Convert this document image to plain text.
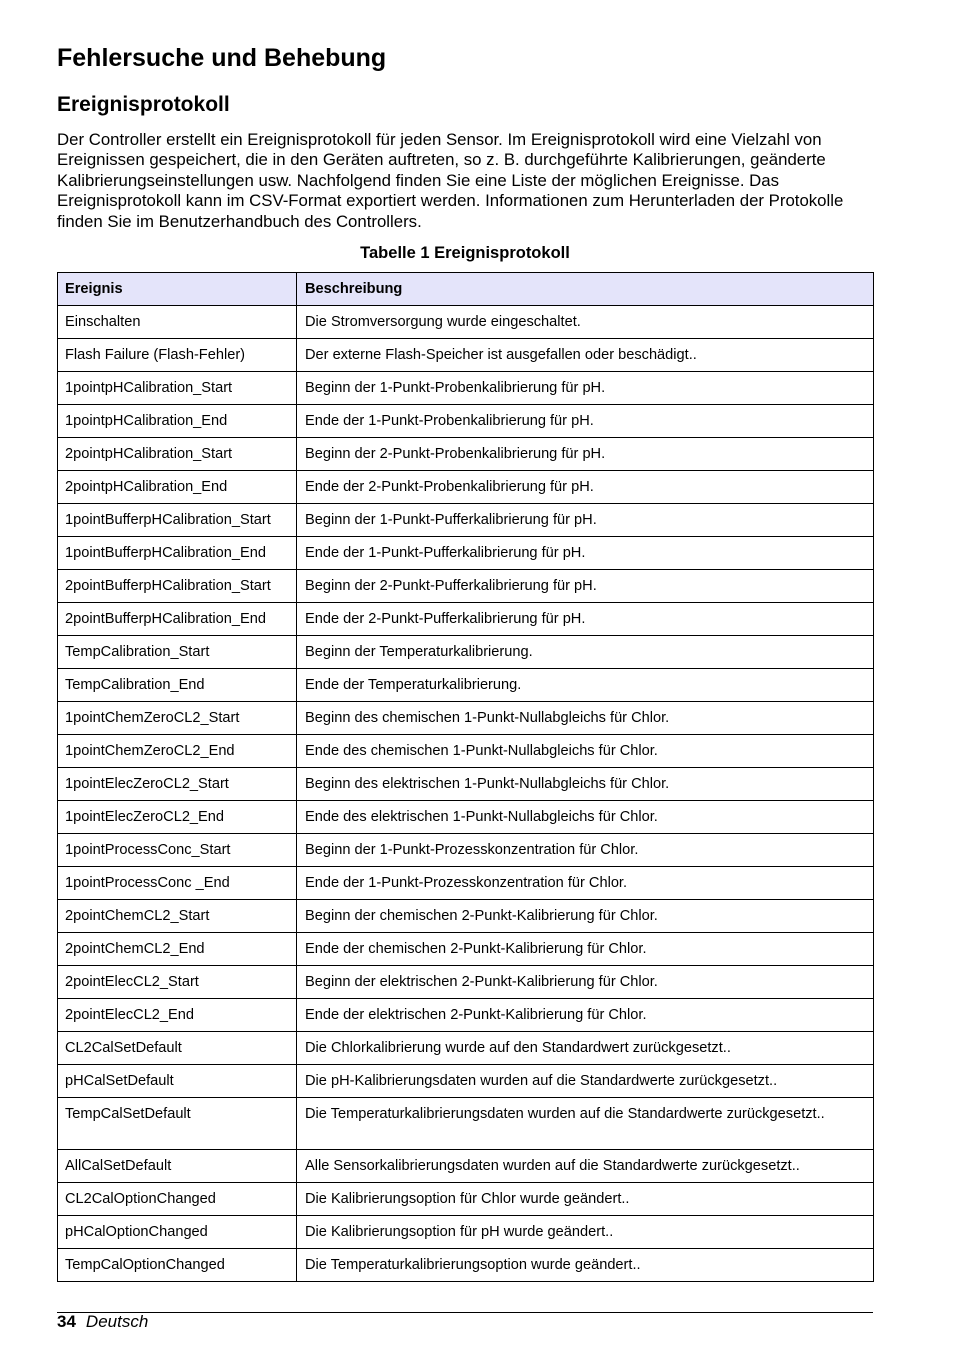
Fehlersuche und Behebung
Ereignisprotokoll

Der Controller erstellt ein Ereignisprotokoll für jeden Sensor. Im Ereignisprotokoll wird eine Vielzahl von Ereignissen gespeichert, die in den Geräten auftreten, so z. B. durchgeführte Kalibrierungen, geänderte Kalibrierungseinstellungen usw. Nachfolgend finden Sie eine Liste der möglichen Ereignisse. Das Ereignisprotokoll kann im CSV-Format exportiert werden. Informationen zum Herunterladen der Protokolle finden Sie im Benutzerhandbuch des Controllers.

Tabelle 1 Ereignisprotokoll
Ereignis	Beschreibung
Einschalten	Die Stromversorgung wurde eingeschaltet.
Flash Failure (Flash-Fehler)	Der externe Flash-Speicher ist ausgefallen oder beschädigt..
1pointpHCalibration_Start	Beginn der 1-Punkt-Probenkalibrierung für pH.
1pointpHCalibration_End	Ende der 1-Punkt-Probenkalibrierung für pH.
2pointpHCalibration_Start	Beginn der 2-Punkt-Probenkalibrierung für pH.
2pointpHCalibration_End	Ende der 2-Punkt-Probenkalibrierung für pH.
1pointBufferpHCalibration_Start	Beginn der 1-Punkt-Pufferkalibrierung für pH.
1pointBufferpHCalibration_End	Ende der 1-Punkt-Pufferkalibrierung für pH.
2pointBufferpHCalibration_Start	Beginn der 2-Punkt-Pufferkalibrierung für pH.
2pointBufferpHCalibration_End	Ende der 2-Punkt-Pufferkalibrierung für pH.
TempCalibration_Start	Beginn der Temperaturkalibrierung.
TempCalibration_End	Ende der Temperaturkalibrierung.
1pointChemZeroCL2_Start	Beginn des chemischen 1-Punkt-Nullabgleichs für Chlor.
1pointChemZeroCL2_End	Ende des chemischen 1-Punkt-Nullabgleichs für Chlor.
1pointElecZeroCL2_Start	Beginn des elektrischen 1-Punkt-Nullabgleichs für Chlor.
1pointElecZeroCL2_End	Ende des elektrischen 1-Punkt-Nullabgleichs für Chlor.
1pointProcessConc_Start	Beginn der 1-Punkt-Prozesskonzentration für Chlor.
1pointProcessConc _End	Ende der 1-Punkt-Prozesskonzentration für Chlor.
2pointChemCL2_Start	Beginn der chemischen 2-Punkt-Kalibrierung für Chlor.
2pointChemCL2_End	Ende der chemischen 2-Punkt-Kalibrierung für Chlor.
2pointElecCL2_Start	Beginn der elektrischen 2-Punkt-Kalibrierung für Chlor.
2pointElecCL2_End	Ende der elektrischen 2-Punkt-Kalibrierung für Chlor.
CL2CalSetDefault	Die Chlorkalibrierung wurde auf den Standardwert zurückgesetzt..
pHCalSetDefault	Die pH-Kalibrierungsdaten wurden auf die Standardwerte zurückgesetzt..
TempCalSetDefault	Die Temperaturkalibrierungsdaten wurden auf die Standardwerte zurückgesetzt..
AllCalSetDefault	Alle Sensorkalibrierungsdaten wurden auf die Standardwerte zurückgesetzt..
CL2CalOptionChanged	Die Kalibrierungsoption für Chlor wurde geändert..
pHCalOptionChanged	Die Kalibrierungsoption für pH wurde geändert..
TempCalOptionChanged	Die Temperaturkalibrierungsoption wurde geändert..
34 Deutsch
